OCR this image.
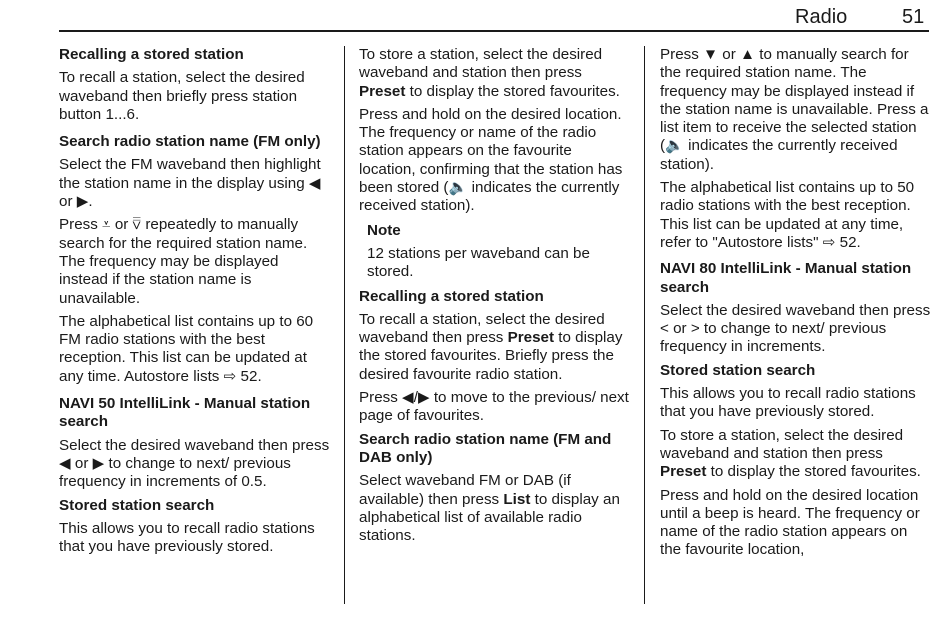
Radio	51

Recalling a stored station

To recall a station, select the desired waveband then briefly press station button 1...6.

Search radio station name (FM only)

Select the FM waveband then highlight the station name in the display using ◀ or ▶.

Press ⩡ or ⩢ repeatedly to manually search for the required station name. The frequency may be displayed instead if the station name is unavailable.

The alphabetical list contains up to 60 FM radio stations with the best reception. This list can be updated at any time. Autostore lists ⇨ 52.

NAVI 50 IntelliLink - Manual station search

Select the desired waveband then press ◀ or ▶ to change to next/ previous frequency in increments of 0.5.

Stored station search

This allows you to recall radio stations that you have previously stored.

To store a station, select the desired waveband and station then press Preset to display the stored favourites.

Press and hold on the desired location. The frequency or name of the radio station appears on the favourite location, confirming that the station has been stored (🔈 indicates the currently received station).

Note

12 stations per waveband can be stored.

Recalling a stored station

To recall a station, select the desired waveband then press Preset to display the stored favourites. Briefly press the desired favourite radio station.

Press ◀/▶ to move to the previous/ next page of favourites.

Search radio station name (FM and DAB only)

Select waveband FM or DAB (if available) then press List to display an alphabetical list of available radio stations.

Press ▼ or ▲ to manually search for the required station name. The frequency may be displayed instead if the station name is unavailable. Press a list item to receive the selected station (🔈 indicates the currently received station).

The alphabetical list contains up to 50 radio stations with the best reception. This list can be updated at any time, refer to "Autostore lists" ⇨ 52.

NAVI 80 IntelliLink - Manual station search

Select the desired waveband then press < or > to change to next/ previous frequency in increments.

Stored station search

This allows you to recall radio stations that you have previously stored.

To store a station, select the desired waveband and station then press Preset to display the stored favourites.

Press and hold on the desired location until a beep is heard. The frequency or name of the radio station appears on the favourite location,
